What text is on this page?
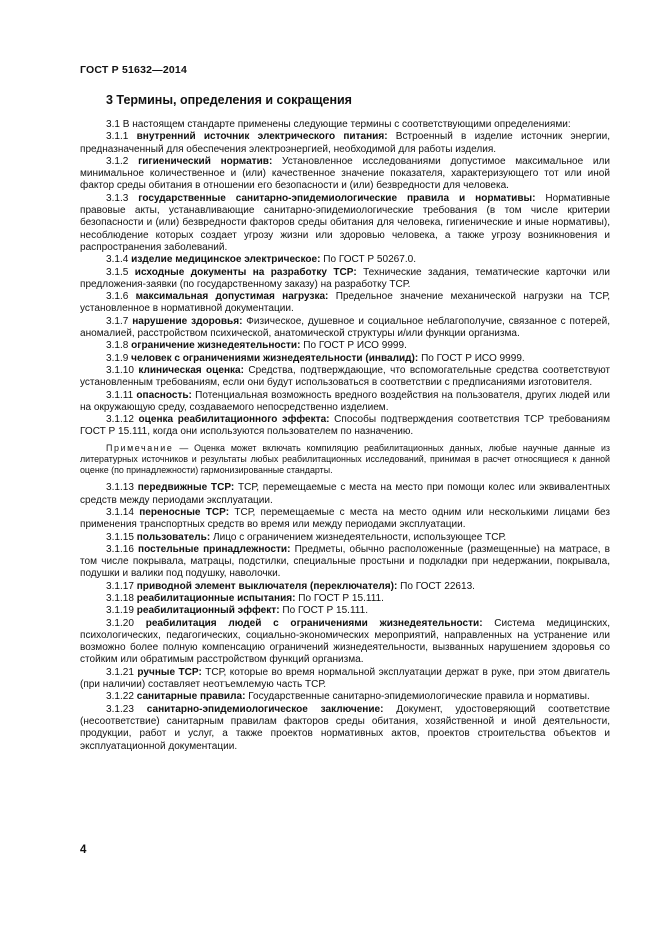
ГОСТ Р 51632—2014
3 Термины, определения и сокращения

3.1 В настоящем стандарте применены следующие термины с соответствующими определениями:

3.1.1 внутренний источник электрического питания: Встроенный в изделие источник энергии, предназначенный для обеспечения электроэнергией, необходимой для работы изделия.

3.1.2 гигиенический норматив: Установленное исследованиями допустимое максимальное или минимальное количественное и (или) качественное значение показателя, характеризующего тот или иной фактор среды обитания в отношении его безопасности и (или) безвредности для человека.

3.1.3 государственные санитарно-эпидемиологические правила и нормативы: Нормативные правовые акты, устанавливающие санитарно-эпидемиологические требования (в том числе критерии безопасности и (или) безвредности факторов среды обитания для человека, гигиенические и иные нормативы), несоблюдение которых создает угрозу жизни или здоровью человека, а также угрозу возникновения и распространения заболеваний.

3.1.4 изделие медицинское электрическое: По ГОСТ Р 50267.0.

3.1.5 исходные документы на разработку ТСР: Технические задания, тематические карточки или предложения-заявки (по государственному заказу) на разработку ТСР.

3.1.6 максимальная допустимая нагрузка: Предельное значение механической нагрузки на ТСР, установленное в нормативной документации.

3.1.7 нарушение здоровья: Физическое, душевное и социальное неблагополучие, связанное с потерей, аномалией, расстройством психической, анатомической структуры и/или функции организма.

3.1.8 ограничение жизнедеятельности: По ГОСТ Р ИСО 9999.

3.1.9 человек с ограничениями жизнедеятельности (инвалид): По ГОСТ Р ИСО 9999.

3.1.10 клиническая оценка: Средства, подтверждающие, что вспомогательные средства соответствуют установленным требованиям, если они будут использоваться в соответствии с предписаниями изготовителя.

3.1.11 опасность: Потенциальная возможность вредного воздействия на пользователя, других людей или на окружающую среду, создаваемого непосредственно изделием.

3.1.12 оценка реабилитационного эффекта: Способы подтверждения соответствия ТСР требованиям ГОСТ Р 15.111, когда они используются пользователем по назначению.

Примечание — Оценка может включать компиляцию реабилитационных данных, любые научные данные из литературных источников и результаты любых реабилитационных исследований, принимая в расчет относящиеся к данной оценке (по принадлежности) гармонизированные стандарты.

3.1.13 передвижные ТСР: ТСР, перемещаемые с места на место при помощи колес или эквивалентных средств между периодами эксплуатации.

3.1.14 переносные ТСР: ТСР, перемещаемые с места на место одним или несколькими лицами без применения транспортных средств во время или между периодами эксплуатации.

3.1.15 пользователь: Лицо с ограничением жизнедеятельности, использующее ТСР.

3.1.16 постельные принадлежности: Предметы, обычно расположенные (размещенные) на матрасе, в том числе покрывала, матрацы, подстилки, специальные простыни и подкладки при недержании, покрывала, подушки и валики под подушку, наволочки.

3.1.17 приводной элемент выключателя (переключателя): По ГОСТ 22613.

3.1.18 реабилитационные испытания: По ГОСТ Р 15.111.

3.1.19 реабилитационный эффект: По ГОСТ Р 15.111.

3.1.20 реабилитация людей с ограничениями жизнедеятельности: Система медицинских, психологических, педагогических, социально-экономических мероприятий, направленных на устранение или возможно более полную компенсацию ограничений жизнедеятельности, вызванных нарушением здоровья со стойким или обратимым расстройством функций организма.

3.1.21 ручные ТСР: ТСР, которые во время нормальной эксплуатации держат в руке, при этом двигатель (при наличии) составляет неотъемлемую часть ТСР.

3.1.22 санитарные правила: Государственные санитарно-эпидемиологические правила и нормативы.

3.1.23 санитарно-эпидемиологическое заключение: Документ, удостоверяющий соответствие (несоответствие) санитарным правилам факторов среды обитания, хозяйственной и иной деятельности, продукции, работ и услуг, а также проектов нормативных актов, проектов строительства объектов и эксплуатационной документации.

4
